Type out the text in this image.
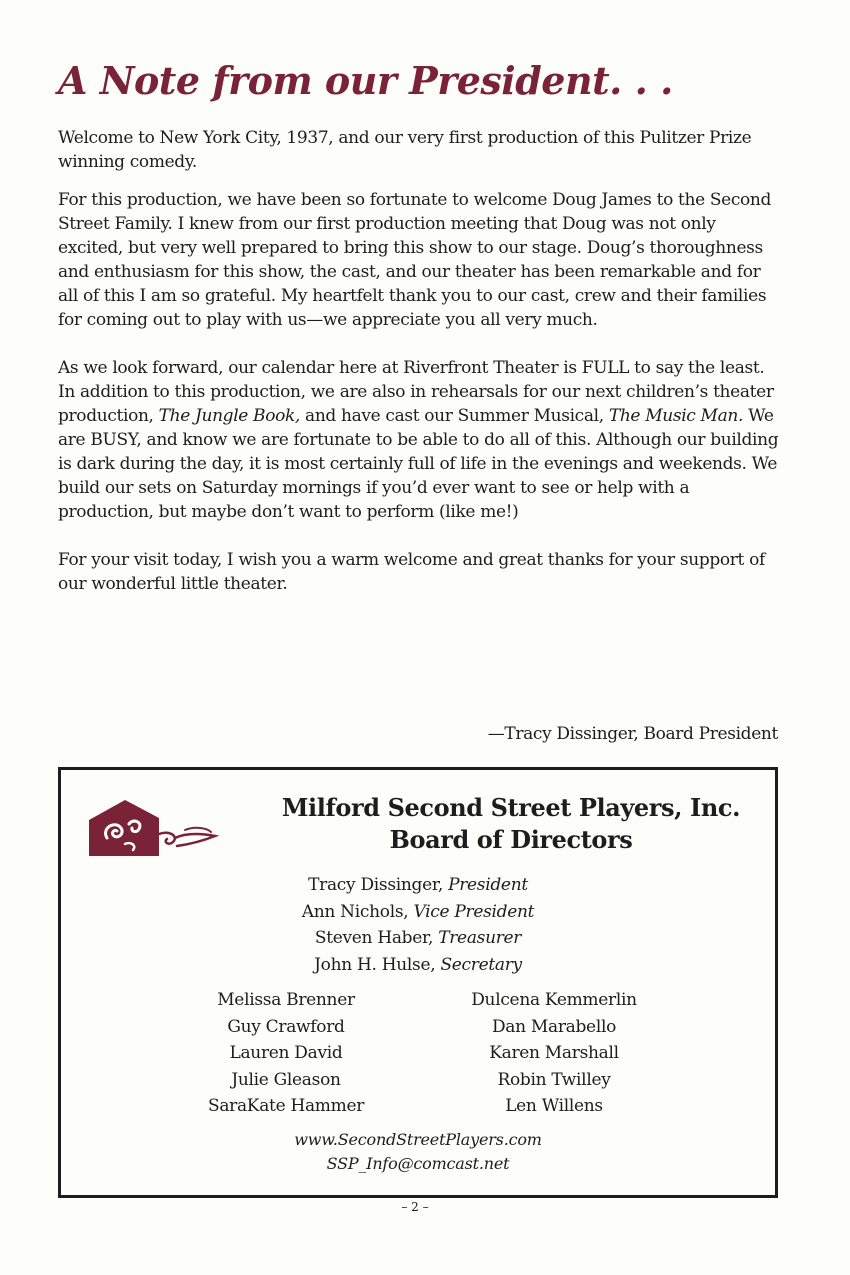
A Note from our President. . .

Welcome to New York City, 1937, and our very first production of this Pulitzer Prize winning comedy.

For this production, we have been so fortunate to welcome Doug James to the Second Street Family. I knew from our first production meeting that Doug was not only excited, but very well prepared to bring this show to our stage. Doug’s thoroughness and enthusiasm for this show, the cast, and our theater has been remarkable and for all of this I am so grateful. My heartfelt thank you to our cast, crew and their families for coming out to play with us—we appreciate you all very much.

As we look forward, our calendar here at Riverfront Theater is FULL to say the least. In addition to this production, we are also in rehearsals for our next children’s theater production, The Jungle Book, and have cast our Summer Musical, The Music Man. We are BUSY, and know we are fortunate to be able to do all of this. Although our building is dark during the day, it is most certainly full of life in the evenings and weekends. We build our sets on Saturday mornings if you’d ever want to see or help with a production, but maybe don’t want to perform (like me!)

For your visit today, I wish you a warm welcome and great thanks for your support of our wonderful little theater.

—Tracy Dissinger, Board President
Milford Second Street Players, Inc.
Board of Directors
Tracy Dissinger, President
Ann Nichols, Vice President
Steven Haber, Treasurer
John H. Hulse, Secretary
Melissa Brenner
Guy Crawford
Lauren David
Julie Gleason
SaraKate Hammer
Dulcena Kemmerlin
Dan Marabello
Karen Marshall
Robin Twilley
Len Willens
www.SecondStreetPlayers.com
SSP_Info@comcast.net
– 2 –
